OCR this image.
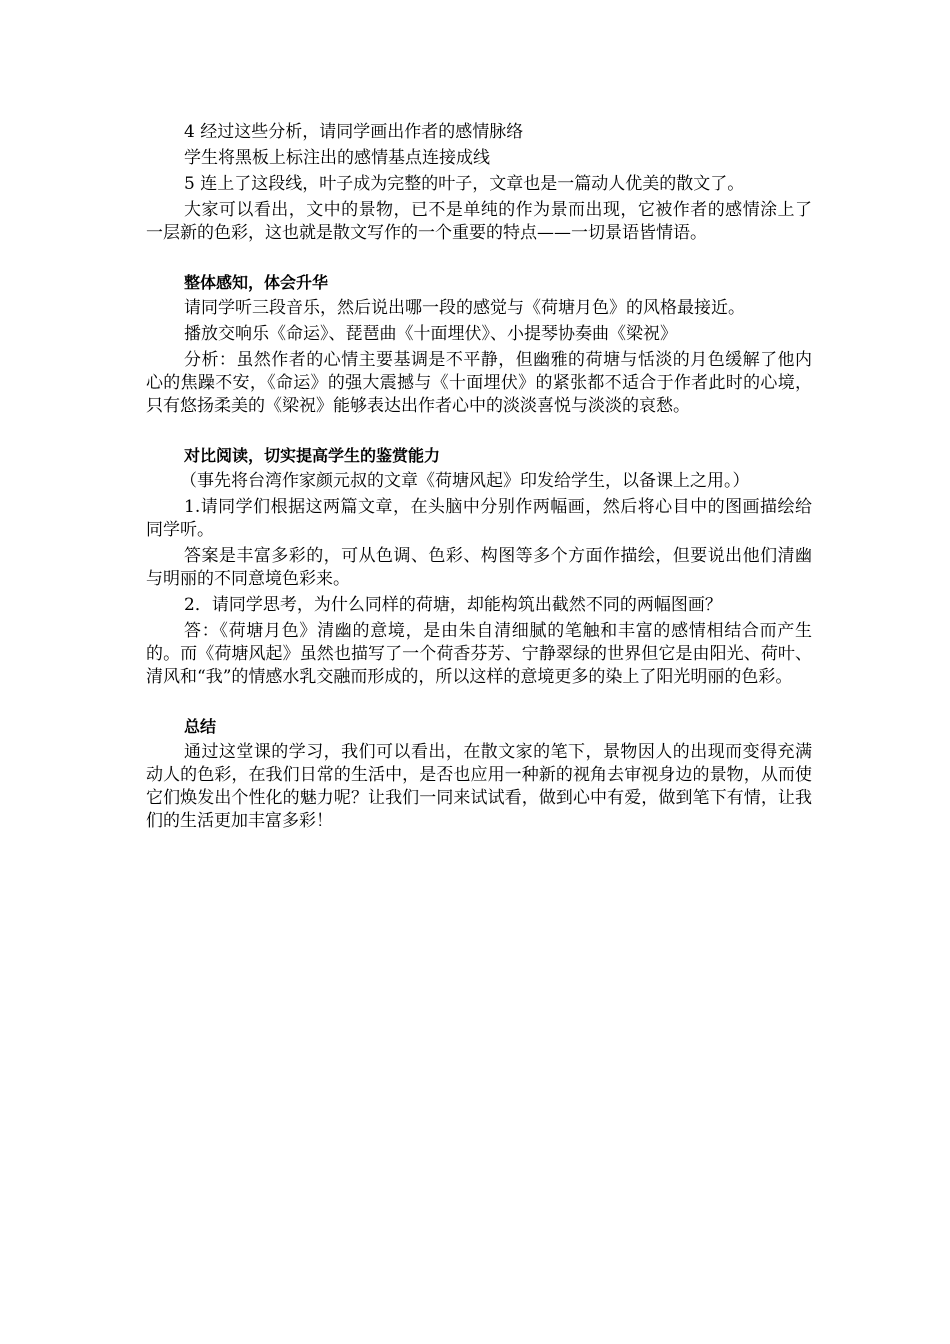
4 经过这些分析，请同学画出作者的感情脉络

学生将黑板上标注出的感情基点连接成线

5 连上了这段线，叶子成为完整的叶子，文章也是一篇动人优美的散文了。

大家可以看出，文中的景物，已不是单纯的作为景而出现，它被作者的感情涂上了一层新的色彩，这也就是散文写作的一个重要的特点——一切景语皆情语。

整体感知，体会升华

请同学听三段音乐，然后说出哪一段的感觉与《荷塘月色》的风格最接近。

播放交响乐《命运》、琵琶曲《十面埋伏》、小提琴协奏曲《梁祝》

分析：虽然作者的心情主要基调是不平静，但幽雅的荷塘与恬淡的月色缓解了他内心的焦躁不安，《命运》的强大震撼与《十面埋伏》的紧张都不适合于作者此时的心境，只有悠扬柔美的《梁祝》能够表达出作者心中的淡淡喜悦与淡淡的哀愁。

对比阅读，切实提高学生的鉴赏能力

（事先将台湾作家颜元叔的文章《荷塘风起》印发给学生，以备课上之用。）

1.请同学们根据这两篇文章，在头脑中分别作两幅画，然后将心目中的图画描绘给同学听。

答案是丰富多彩的，可从色调、色彩、构图等多个方面作描绘，但要说出他们清幽与明丽的不同意境色彩来。

2．请同学思考，为什么同样的荷塘，却能构筑出截然不同的两幅图画？

答：《荷塘月色》清幽的意境，是由朱自清细腻的笔触和丰富的感情相结合而产生的。而《荷塘风起》虽然也描写了一个荷香芬芳、宁静翠绿的世界但它是由阳光、荷叶、清风和“我”的情感水乳交融而形成的，所以这样的意境更多的染上了阳光明丽的色彩。

总结

通过这堂课的学习，我们可以看出，在散文家的笔下，景物因人的出现而变得充满动人的色彩，在我们日常的生活中，是否也应用一种新的视角去审视身边的景物，从而使它们焕发出个性化的魅力呢？让我们一同来试试看，做到心中有爱，做到笔下有情，让我们的生活更加丰富多彩！
